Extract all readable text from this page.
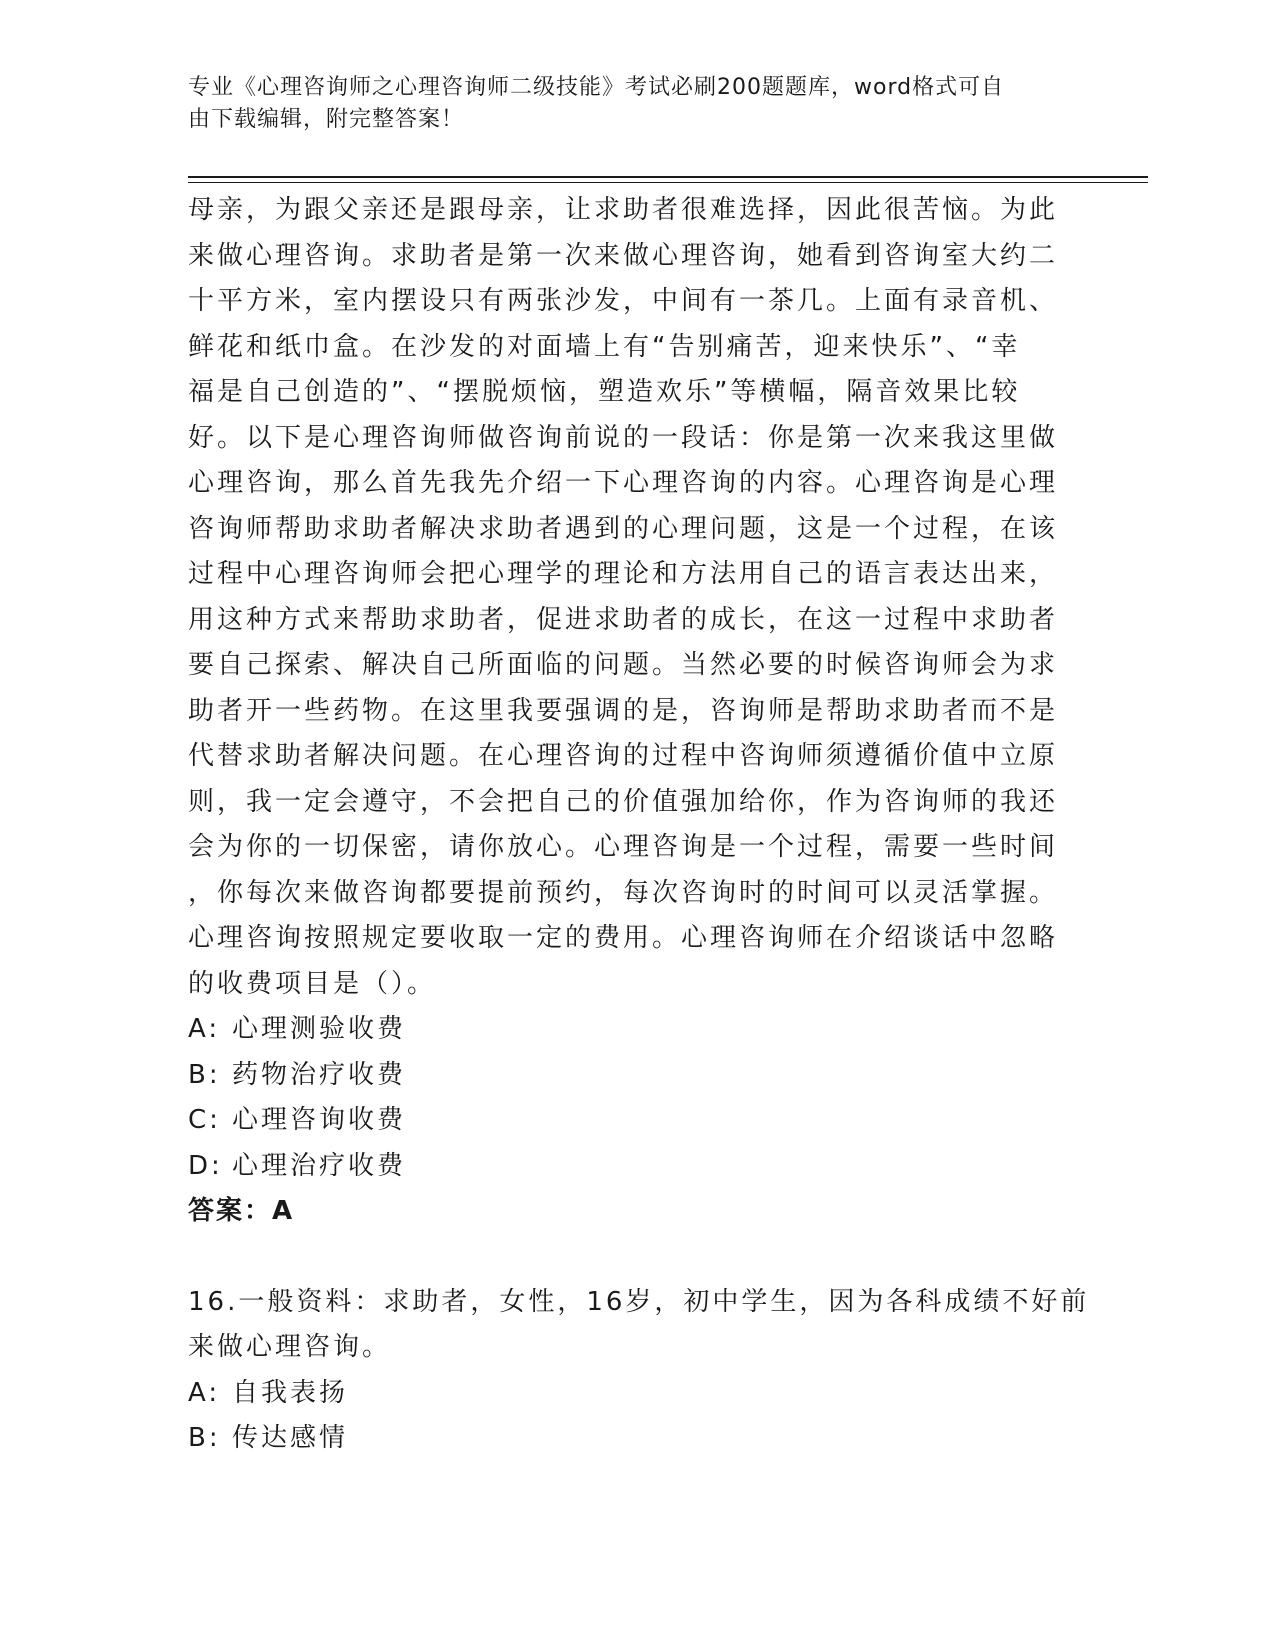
专业《心理咨询师之心理咨询师二级技能》考试必刷200题题库，word格式可自
由下载编辑，附完整答案！
母亲，为跟父亲还是跟母亲，让求助者很难选择，因此很苦恼。为此
来做心理咨询。求助者是第一次来做心理咨询，她看到咨询室大约二
十平方米，室内摆设只有两张沙发，中间有一茶几。上面有录音机、
鲜花和纸巾盒。在沙发的对面墙上有“告别痛苦，迎来快乐”、“幸
福是自己创造的”、“摆脱烦恼，塑造欢乐”等横幅，隔音效果比较
好。以下是心理咨询师做咨询前说的一段话：你是第一次来我这里做
心理咨询，那么首先我先介绍一下心理咨询的内容。心理咨询是心理
咨询师帮助求助者解决求助者遇到的心理问题，这是一个过程，在该
过程中心理咨询师会把心理学的理论和方法用自己的语言表达出来，
用这种方式来帮助求助者，促进求助者的成长，在这一过程中求助者
要自己探索、解决自己所面临的问题。当然必要的时候咨询师会为求
助者开一些药物。在这里我要强调的是，咨询师是帮助求助者而不是
代替求助者解决问题。在心理咨询的过程中咨询师须遵循价值中立原
则，我一定会遵守，不会把自己的价值强加给你，作为咨询师的我还
会为你的一切保密，请你放心。心理咨询是一个过程，需要一些时间
，你每次来做咨询都要提前预约，每次咨询时的时间可以灵活掌握。
心理咨询按照规定要收取一定的费用。心理咨询师在介绍谈话中忽略
的收费项目是（）。
A: 心理测验收费
B: 药物治疗收费
C: 心理咨询收费
D: 心理治疗收费
答案：A
16.一般资料：求助者，女性，16岁，初中学生，因为各科成绩不好前
来做心理咨询。
A: 自我表扬
B: 传达感情
